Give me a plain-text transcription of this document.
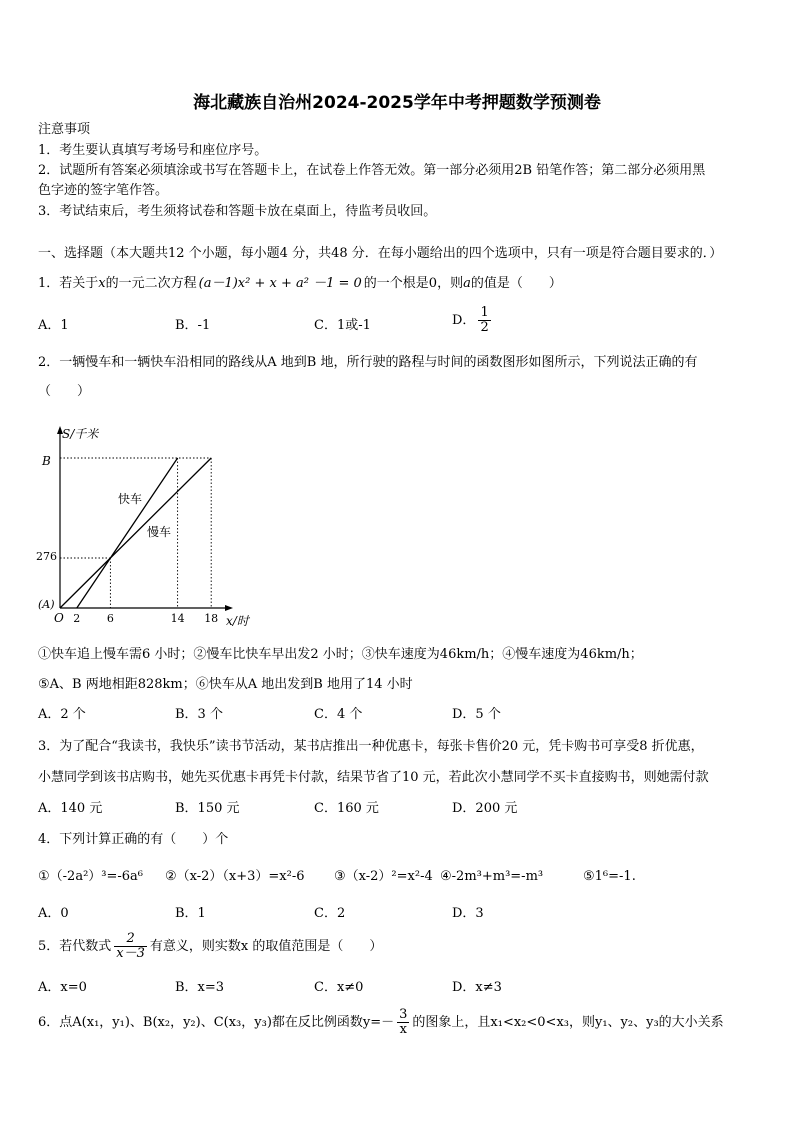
海北藏族自治州2024-2025学年中考押题数学预测卷
注意事项
1．考生要认真填写考场号和座位序号。
2．试题所有答案必须填涂或书写在答题卡上，在试卷上作答无效。第一部分必须用2B 铅笔作答；第二部分必须用黑
色字迹的签字笔作答。
3．考试结束后，考生须将试卷和答题卡放在桌面上，待监考员收回。
一、选择题（本大题共12 个小题，每小题4 分，共48 分．在每小题给出的四个选项中，只有一项是符合题目要求的．）
1．若关于x的一元二次方程 (a－1)x² + x + a² －1 = 0 的一个根是0，则a的值是（　　）
A．1	B．-1	C．1或-1	D． $\frac{1}{2}$
2．一辆慢车和一辆快车沿相同的路线从A 地到B 地，所行驶的路程与时间的函数图形如图所示，下列说法正确的有
（　　）
S/千米
x/时
B
276
(A)
O 2 6	14 18
快车
慢车
①快车追上慢车需6 小时；②慢车比快车早出发2 小时；③快车速度为46km/h；④慢车速度为46km/h；
⑤A、B 两地相距828km；⑥快车从A 地出发到B 地用了14 小时
A．2 个	B．3 个	C．4 个	D．5 个
3．为了配合“我读书，我快乐”读书节活动，某书店推出一种优惠卡，每张卡售价20 元，凭卡购书可享受8 折优惠，
小慧同学到该书店购书，她先买优惠卡再凭卡付款，结果节省了10 元，若此次小慧同学不买卡直接购书，则她需付款
A．140 元	B．150 元	C．160 元	D．200 元
4．下列计算正确的有（　　）个
①（-2a²）³=-6a⁶ ②（x-2）（x+3）=x²-6 ③（x-2）²=x²-4 ④-2m³+m³=-m³	⑤1⁶=-1.
A．0	B．1	C．2	D．3
5．若代数式 $\frac{2}{x-3}$ 有意义，则实数x 的取值范围是（　　）
A．x=0	B．x=3	C．x≠0	D．x≠3
6．点A(x₁，y₁)、B(x₂，y₂)、C(x₃，y₃)都在反比例函数$y=- \frac{3}{x}$ 的图象上，且x₁<x₂<0<x₃，则y₁、y₂、y₃的大小关系
